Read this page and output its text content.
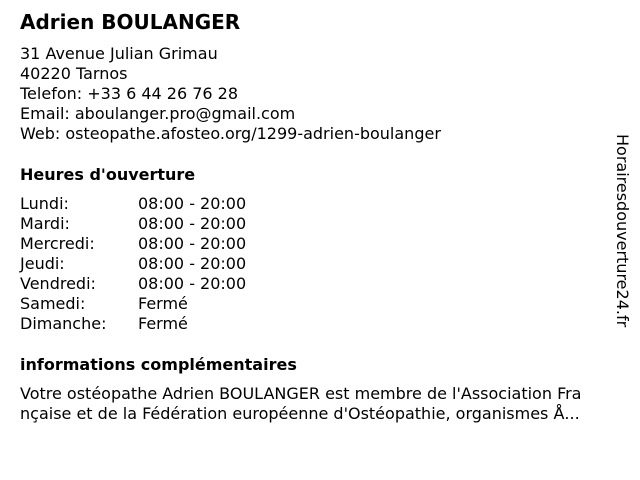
Adrien BOULANGER
31 Avenue Julian Grimau
40220 Tarnos
Telefon: +33 6 44 26 76 28
Email: aboulanger.pro@gmail.com
Web: osteopathe.afosteo.org/1299-adrien-boulanger
Heures d'ouverture
Lundi:	08:00 - 20:00
Mardi:	08:00 - 20:00
Mercredi:	08:00 - 20:00
Jeudi:	08:00 - 20:00
Vendredi:	08:00 - 20:00
Samedi:	Fermé
Dimanche: Fermé
informations complémentaires
Votre ostéopathe Adrien BOULANGER est membre de l'Association Fra
nçaise et de la Fédération européenne d'Ostéopathie, organismes Å...
Horairesdouverture24.fr
